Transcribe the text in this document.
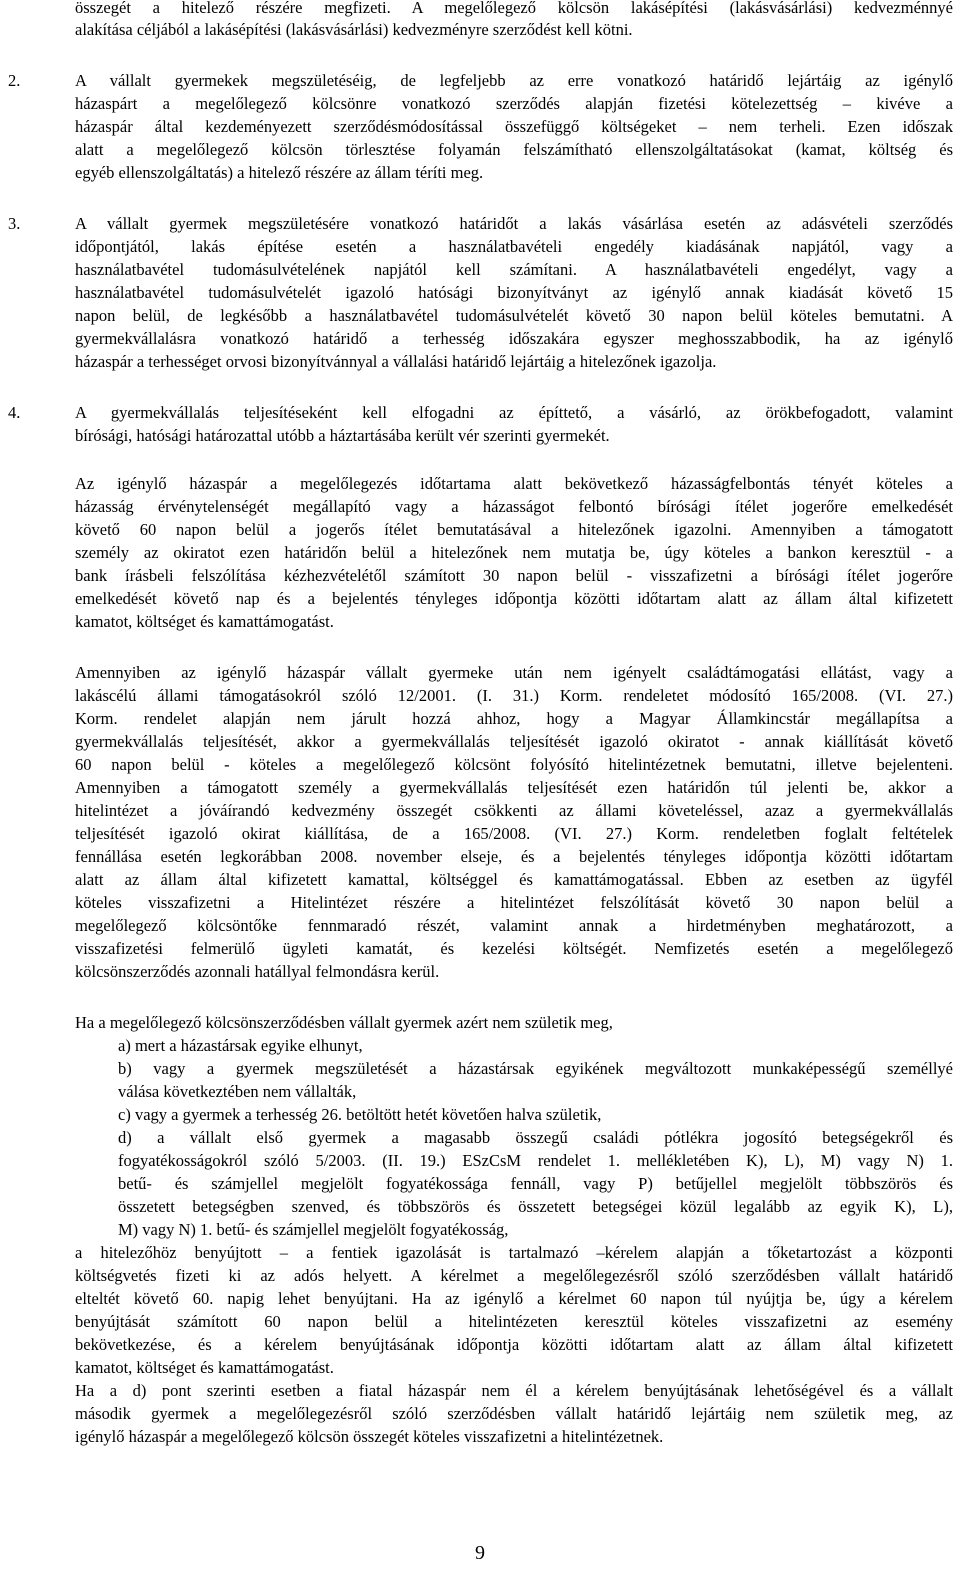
összegét a hitelező részére megfizeti. A megelőlegező kölcsön lakásépítési (lakásvásárlási) kedvezménnyé
alakítása céljából a lakásépítési (lakásvásárlási) kedvezményre szerződést kell kötni.
2.	A vállalt gyermekek megszületéséig, de legfeljebb az erre vonatkozó határidő lejártáig az igénylő
házaspárt a megelőlegező kölcsönre vonatkozó szerződés alapján fizetési kötelezettség – kivéve a
házaspár által kezdeményezett szerződésmódosítással összefüggő költségeket – nem terheli. Ezen időszak
alatt a megelőlegező kölcsön törlesztése folyamán felszámítható ellenszolgáltatásokat (kamat, költség és
egyéb ellenszolgáltatás) a hitelező részére az állam téríti meg.
3.	A vállalt gyermek megszületésére vonatkozó határidőt a lakás vásárlása esetén az adásvételi szerződés
időpontjától, lakás építése esetén a használatbavételi engedély kiadásának napjától, vagy a
használatbavétel tudomásulvételének napjától kell számítani. A használatbavételi engedélyt, vagy a
használatbavétel tudomásulvételét igazoló hatósági bizonyítványt az igénylő annak kiadását követő 15
napon belül, de legkésőbb a használatbavétel tudomásulvételét követő 30 napon belül köteles bemutatni. A
gyermekvállalásra vonatkozó határidő a terhesség időszakára egyszer meghosszabbodik, ha az igénylő
házaspár a terhességet orvosi bizonyítvánnyal a vállalási határidő lejártáig a hitelezőnek igazolja.
4.	A gyermekvállalás teljesítéseként kell elfogadni az építtető, a vásárló, az örökbefogadott, valamint
bírósági, hatósági határozattal utóbb a háztartásába került vér szerinti gyermekét.
Az igénylő házaspár a megelőlegezés időtartama alatt bekövetkező házasságfelbontás tényét köteles a
házasság érvénytelenségét megállapító vagy a házasságot felbontó bírósági ítélet jogerőre emelkedését
követő 60 napon belül a jogerős ítélet bemutatásával a hitelezőnek igazolni. Amennyiben a támogatott
személy az okiratot ezen határidőn belül a hitelezőnek nem mutatja be, úgy köteles a bankon keresztül - a
bank írásbeli felszólítása kézhezvételétől számított 30 napon belül - visszafizetni a bírósági ítélet jogerőre
emelkedését követő nap és a bejelentés tényleges időpontja közötti időtartam alatt az állam által kifizetett
kamatot, költséget és kamattámogatást.
Amennyiben az igénylő házaspár vállalt gyermeke után nem igényelt családtámogatási ellátást, vagy a
lakáscélú állami támogatásokról szóló 12/2001. (I. 31.) Korm. rendeletet módosító 165/2008. (VI. 27.)
Korm. rendelet alapján nem járult hozzá ahhoz, hogy a Magyar Államkincstár megállapítsa a
gyermekvállalás teljesítését, akkor a gyermekvállalás teljesítését igazoló okiratot - annak kiállítását követő
60 napon belül - köteles a megelőlegező kölcsönt folyósító hitelintézetnek bemutatni, illetve bejelenteni.
Amennyiben a támogatott személy a gyermekvállalás teljesítését ezen határidőn túl jelenti be, akkor a
hitelintézet a jóváírandó kedvezmény összegét csökkenti az állami követeléssel, azaz a gyermekvállalás
teljesítését igazoló okirat kiállítása, de a 165/2008. (VI. 27.) Korm. rendeletben foglalt feltételek
fennállása esetén legkorábban 2008. november elseje, és a bejelentés tényleges időpontja közötti időtartam
alatt az állam által kifizetett kamattal, költséggel és kamattámogatással. Ebben az esetben az ügyfél
köteles visszafizetni a Hitelintézet részére a hitelintézet felszólítását követő 30 napon belül a
megelőlegező kölcsöntőke fennmaradó részét, valamint annak a hirdetményben meghatározott, a
visszafizetési felmerülő ügyleti kamatát, és kezelési költségét. Nemfizetés esetén a megelőlegező
kölcsönszerződés azonnali hatállyal felmondásra kerül.
Ha a megelőlegező kölcsönszerződésben vállalt gyermek azért nem születik meg,
a) mert a házastársak egyike elhunyt,
b) vagy a gyermek megszületését a házastársak egyikének megváltozott munkaképességű személlyé
válása következtében nem vállalták,
c) vagy a gyermek a terhesség 26. betöltött hetét követően halva születik,
d) a vállalt első gyermek a magasabb összegű családi pótlékra jogosító betegségekről és
fogyatékosságokról szóló 5/2003. (II. 19.) ESzCsM rendelet 1. mellékletében K), L), M) vagy N) 1.
betű- és számjellel megjelölt fogyatékossága fennáll, vagy P) betűjellel megjelölt többszörös és
összetett betegségben szenved, és többszörös és összetett betegségei közül legalább az egyik K), L),
M) vagy N) 1. betű- és számjellel megjelölt fogyatékosság,
a hitelezőhöz benyújtott – a fentiek igazolását is tartalmazó –kérelem alapján a tőketartozást a központi
költségvetés fizeti ki az adós helyett. A kérelmet a megelőlegezésről szóló szerződésben vállalt határidő
elteltét követő 60. napig lehet benyújtani. Ha az igénylő a kérelmet 60 napon túl nyújtja be, úgy a kérelem
benyújtását számított 60 napon belül a hitelintézeten keresztül köteles visszafizetni az esemény
bekövetkezése, és a kérelem benyújtásának időpontja közötti időtartam alatt az állam által kifizetett
kamatot, költséget és kamattámogatást.
Ha a d) pont szerinti esetben a fiatal házaspár nem él a kérelem benyújtásának lehetőségével és a vállalt
második gyermek a megelőlegezésről szóló szerződésben vállalt határidő lejártáig nem születik meg, az
igénylő házaspár a megelőlegező kölcsön összegét köteles visszafizetni a hitelintézetnek.
9
